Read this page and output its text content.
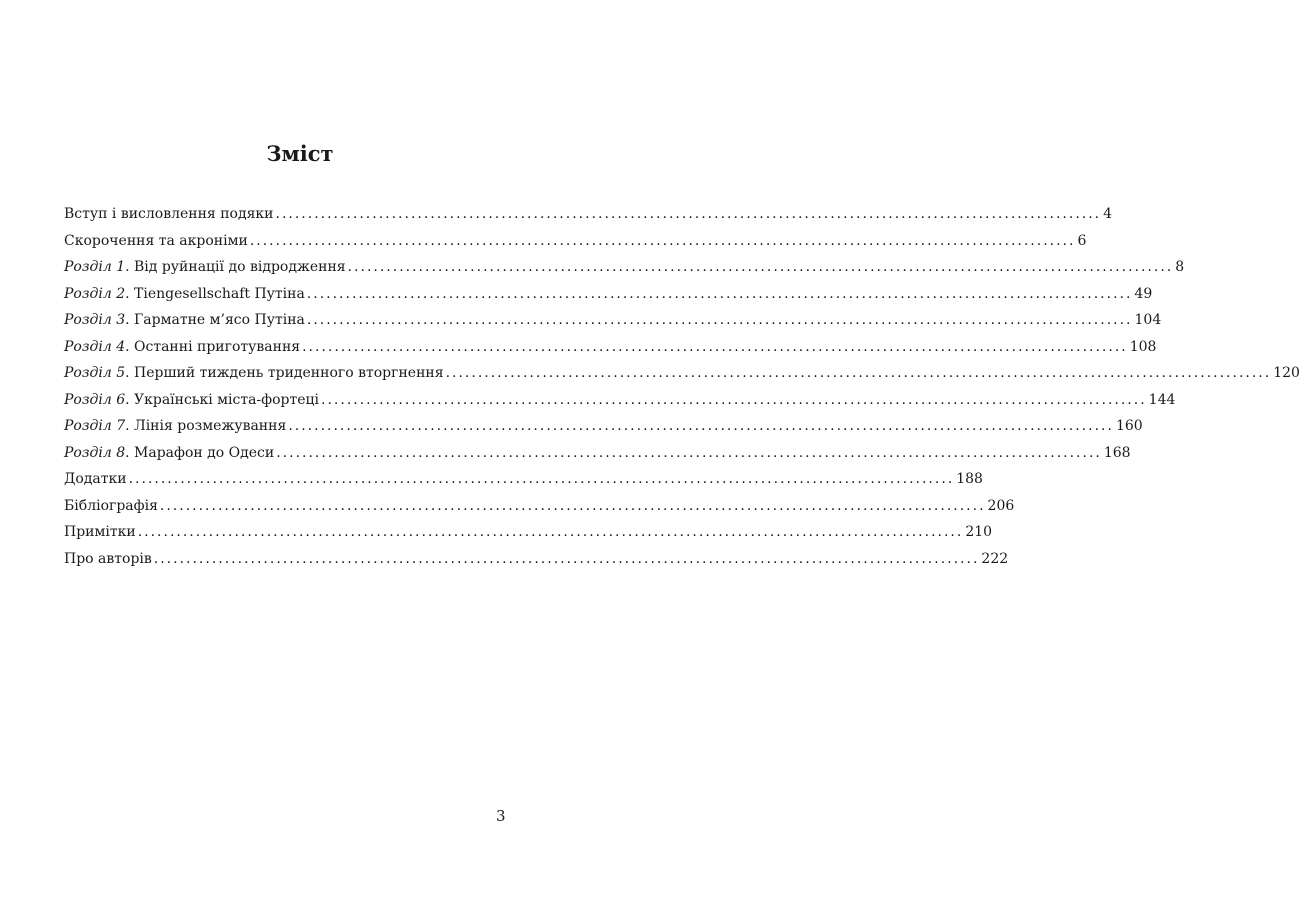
Зміст
Вступ і висловлення подяки ................................................................................................................................ 4
Скорочення та акроніми ................................................................................................................................ 6
Розділ 1. Від руйнації до відродження ................................................................................................................................ 8
Розділ 2. Tiengesellschaft Путіна ................................................................................................................................ 49
Розділ 3. Гарматне м’ясо Путіна ................................................................................................................................ 104
Розділ 4. Останні приготування ................................................................................................................................ 108
Розділ 5. Перший тиждень триденного вторгнення ................................................................................................................................ 120
Розділ 6. Українські міста-фортеці ................................................................................................................................ 144
Розділ 7. Лінія розмежування ................................................................................................................................ 160
Розділ 8. Марафон до Одеси ................................................................................................................................ 168
Додатки ................................................................................................................................ 188
Бібліографія ................................................................................................................................ 206
Примітки ................................................................................................................................ 210
Про авторів ................................................................................................................................ 222
3
